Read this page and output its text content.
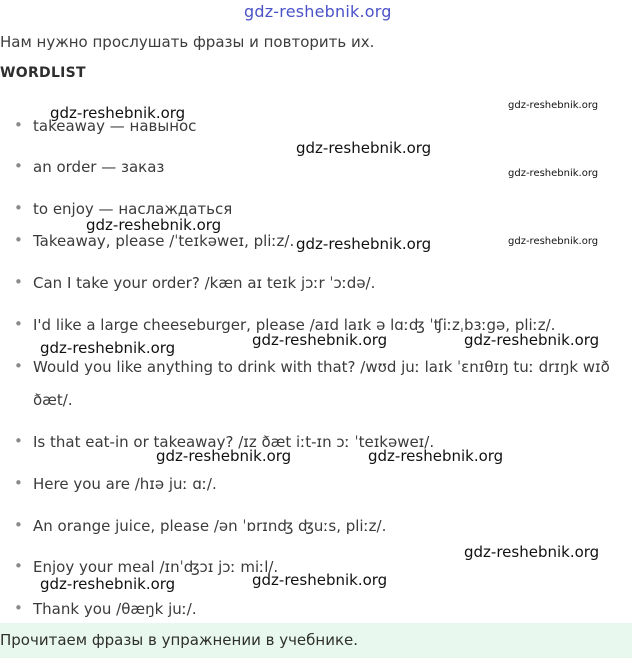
gdz-reshebnik.org
Нам нужно прослушать фразы и повторить их.
WORDLIST
• takeaway — навынос
• an order — заказ
• to enjoy — наслаждаться
• Takeaway, please /ˈteɪkəweɪ, pliːz/.
• Can I take your order? /kæn aɪ teɪk jɔːr ˈɔːdə/.
• I'd like a large cheeseburger, please /aɪd laɪk ə lɑːʤ ˈʧiːzˌbɜːgə, pliːz/.
• Would you like anything to drink with that? /wʊd juː laɪk ˈɛnɪθɪŋ tuː drɪŋk wɪð ðæt/.
• Is that eat-in or takeaway? /ɪz ðæt iːt-ɪn ɔː ˈteɪkəweɪ/.
• Here you are /hɪə juː ɑː/.
• An orange juice, please /ən ˈɒrɪnʤ ʤuːs, pliːz/.
• Enjoy your meal /ɪnˈʤɔɪ jɔː miːl/.
• Thank you /θæŋk juː/.
gdz-reshebnik.org	gdz-reshebnik.org
gdz-reshebnik.org
gdz-reshebnik.org
gdz-reshebnik.org
gdz-reshebnik.org	gdz-reshebnik.org
gdz-reshebnik.org	gdz-reshebnik.org
gdz-reshebnik.org
gdz-reshebnik.org	gdz-reshebnik.org
gdz-reshebnik.org
gdz-reshebnik.org
gdz-reshebnik.org
Прочитаем фразы в упражнении в учебнике.
